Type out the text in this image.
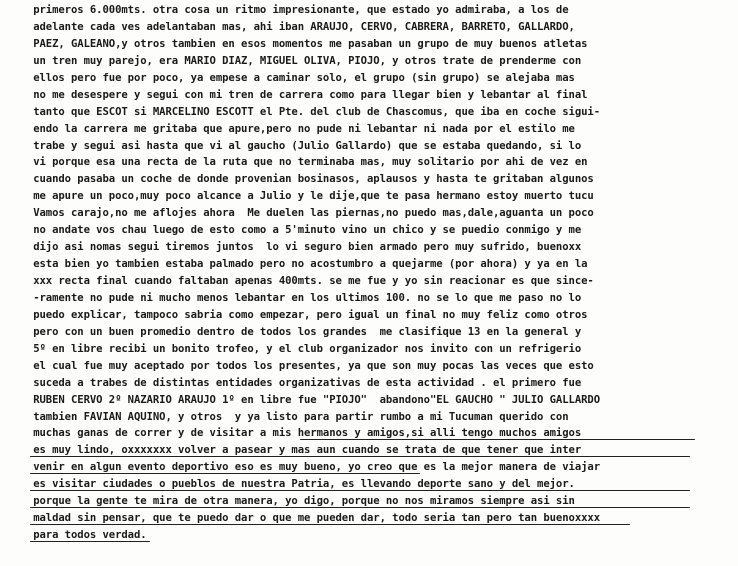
primeros 6.000mts. otra cosa un ritmo impresionante, que estado yo admiraba, a los de
adelante cada ves adelantaban mas, ahi iban ARAUJO, CERVO, CABRERA, BARRETO, GALLARDO,
PAEZ, GALEANO,y otros tambien en esos momentos me pasaban un grupo de muy buenos atletas
un tren muy parejo, era MARIO DIAZ, MIGUEL OLIVA, PIOJO, y otros trate de prenderme con
ellos pero fue por poco, ya empese a caminar solo, el grupo (sin grupo) se alejaba mas
no me desespere y segui con mi tren de carrera como para llegar bien y lebantar al final
tanto que ESCOT si MARCELINO ESCOTT el Pte. del club de Chascomus, que iba en coche sigui-
endo la carrera me gritaba que apure,pero no pude ni lebantar ni nada por el estilo me
trabe y segui asi hasta que vi al gaucho (Julio Gallardo) que se estaba quedando, si lo
vi porque esa una recta de la ruta que no terminaba mas, muy solitario por ahi de vez en
cuando pasaba un coche de donde provenian bosinasos, aplausos y hasta te gritaban algunos
me apure un poco,muy poco alcance a Julio y le dije,que te pasa hermano estoy muerto tucu
Vamos carajo,no me aflojes ahora  Me duelen las piernas,no puedo mas,dale,aguanta un poco
no andate vos chau luego de esto como a 5'minuto vino un chico y se puedio conmigo y me
dijo asi nomas segui tiremos juntos  lo vi seguro bien armado pero muy sufrido, buenoxx
esta bien yo tambien estaba palmado pero no acostumbro a quejarme (por ahora) y ya en la
xxx recta final cuando faltaban apenas 400mts. se me fue y yo sin reacionar es que since-
-ramente no pude ni mucho menos lebantar en los ultimos 100. no se lo que me paso no lo
puedo explicar, tampoco sabria como empezar, pero igual un final no muy feliz como otros
pero con un buen promedio dentro de todos los grandes  me clasifique 13 en la general y
5º en libre recibi un bonito trofeo, y el club organizador nos invito con un refrigerio
el cual fue muy aceptado por todos los presentes, ya que son muy pocas las veces que esto
suceda a trabes de distintas entidades organizativas de esta actividad . el primero fue
RUBEN CERVO 2º NAZARIO ARAUJO 1º en libre fue "PIOJO"  abandono"EL GAUCHO " JULIO GALLARDO
tambien FAVIAN AQUINO, y otros  y ya listo para partir rumbo a mi Tucuman querido con
muchas ganas de correr y de visitar a mis hermanos y amigos,si alli tengo muchos amigos
es muy lindo, oxxxxxxx volver a pasear y mas aun cuando se trata de que tener que inter
venir en algun evento deportivo eso es muy bueno, yo creo que es la mejor manera de viajar
es visitar ciudades o pueblos de nuestra Patria, es llevando deporte sano y del mejor.
porque la gente te mira de otra manera, yo digo, porque no nos miramos siempre asi sin
maldad sin pensar, que te puedo dar o que me pueden dar, todo seria tan pero tan buenoxxxx
para todos verdad.
